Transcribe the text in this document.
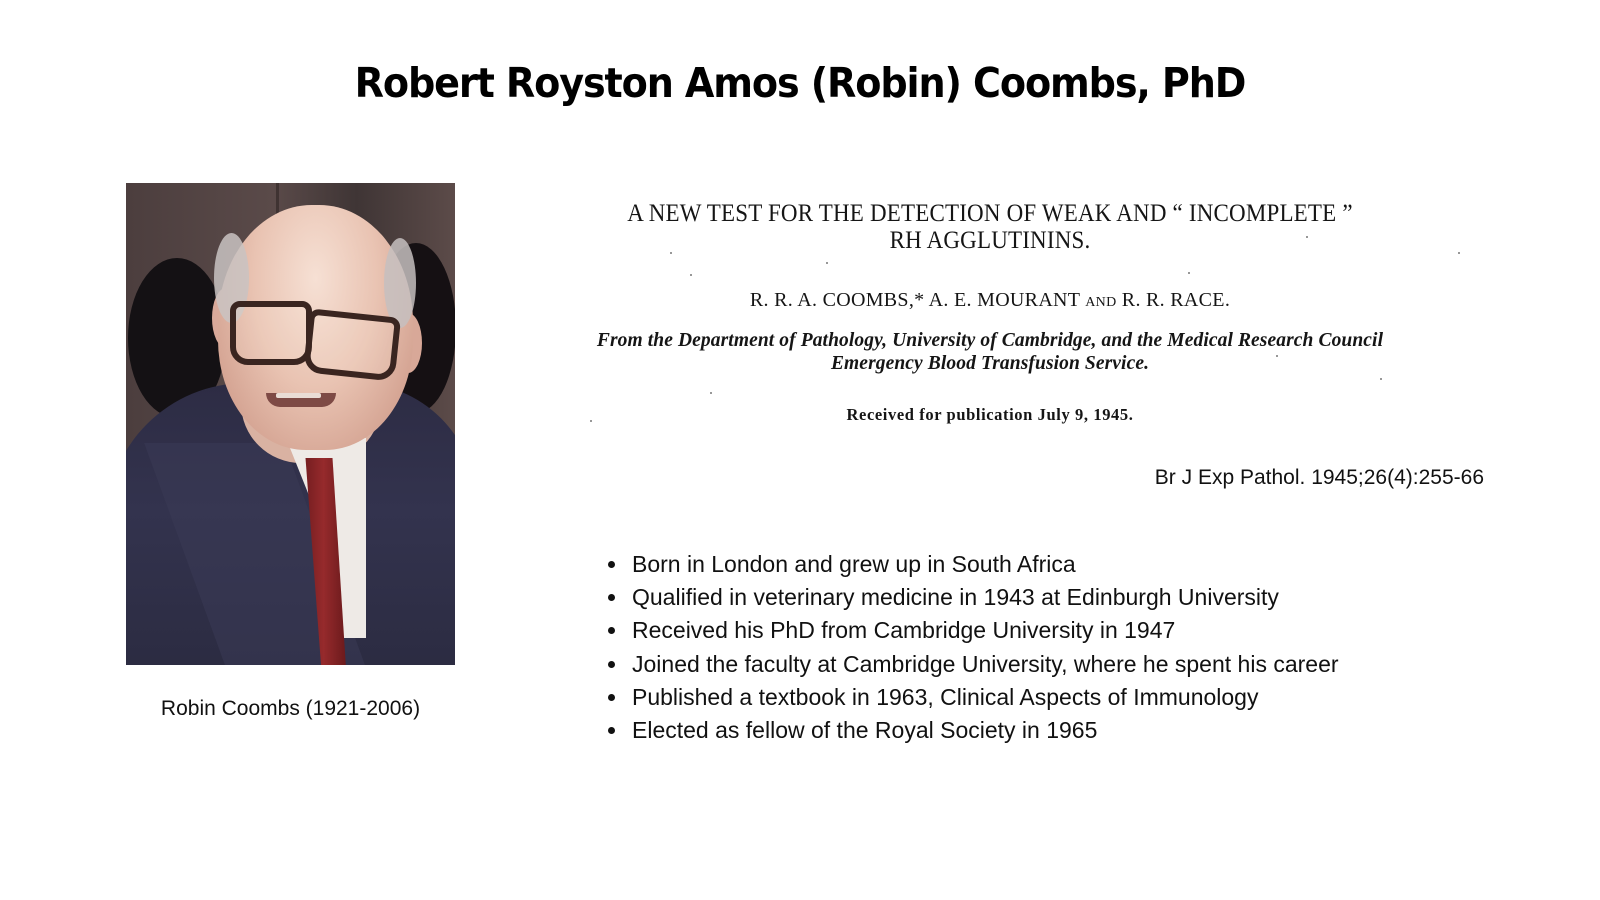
Robert Royston Amos (Robin) Coombs, PhD
Robin Coombs (1921-2006)
A NEW TEST FOR THE DETECTION OF WEAK AND “ INCOMPLETE ”
RH AGGLUTININS.
R. R. A. COOMBS,* A. E. MOURANT AND R. R. RACE.
From the Department of Pathology, University of Cambridge, and the Medical Research Council
Emergency Blood Transfusion Service.
Received for publication July 9, 1945.
Br J Exp Pathol. 1945;26(4):255-66
Born in London and grew up in South Africa
Qualified in veterinary medicine in 1943 at Edinburgh University
Received his PhD from Cambridge University in 1947
Joined the faculty at Cambridge University, where he spent his career
Published a textbook in 1963, Clinical Aspects of Immunology
Elected as fellow of the Royal Society in 1965
